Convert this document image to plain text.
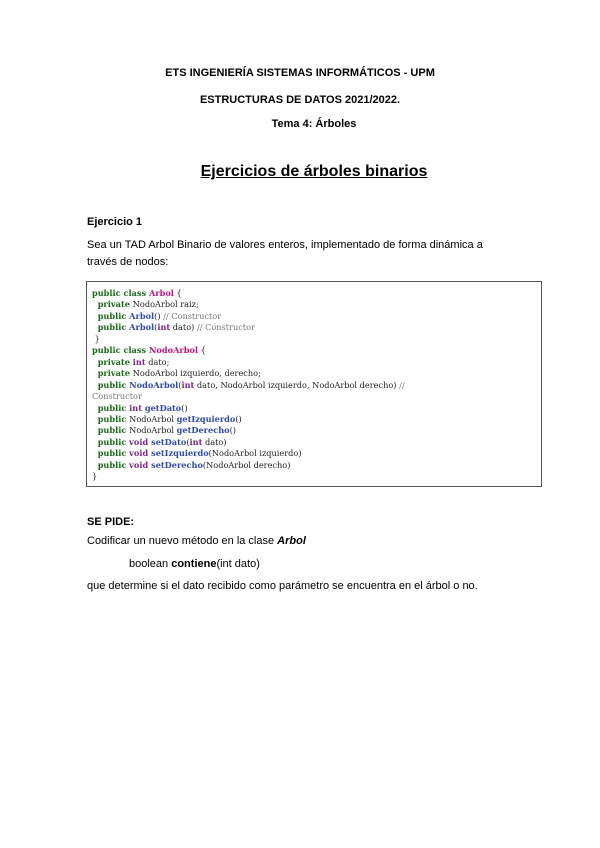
ETS INGENIERÍA SISTEMAS INFORMÁTICOS - UPM
ESTRUCTURAS DE DATOS 2021/2022.
Tema 4: Árboles
Ejercicios de árboles binarios
Ejercicio 1
Sea un TAD Arbol Binario de valores enteros, implementado de forma dinámica a
través de nodos:
public class Arbol {
private NodoArbol raiz;
public Arbol() // Constructor
public Arbol(int dato) // Constructor
}
public class NodoArbol {
private int dato;
private NodoArbol izquierdo, derecho;
public NodoArbol(int dato, NodoArbol izquierdo, NodoArbol derecho) //
Constructor
public int getDato()
public NodoArbol getIzquierdo()
public NodoArbol getDerecho()
public void setDato(int dato)
public void setIzquierdo(NodoArbol izquierdo)
public void setDerecho(NodoArbol derecho)
}
SE PIDE:
Codificar un nuevo método en la clase Arbol
boolean contiene(int dato)
que determine si el dato recibido como parámetro se encuentra en el árbol o no.
